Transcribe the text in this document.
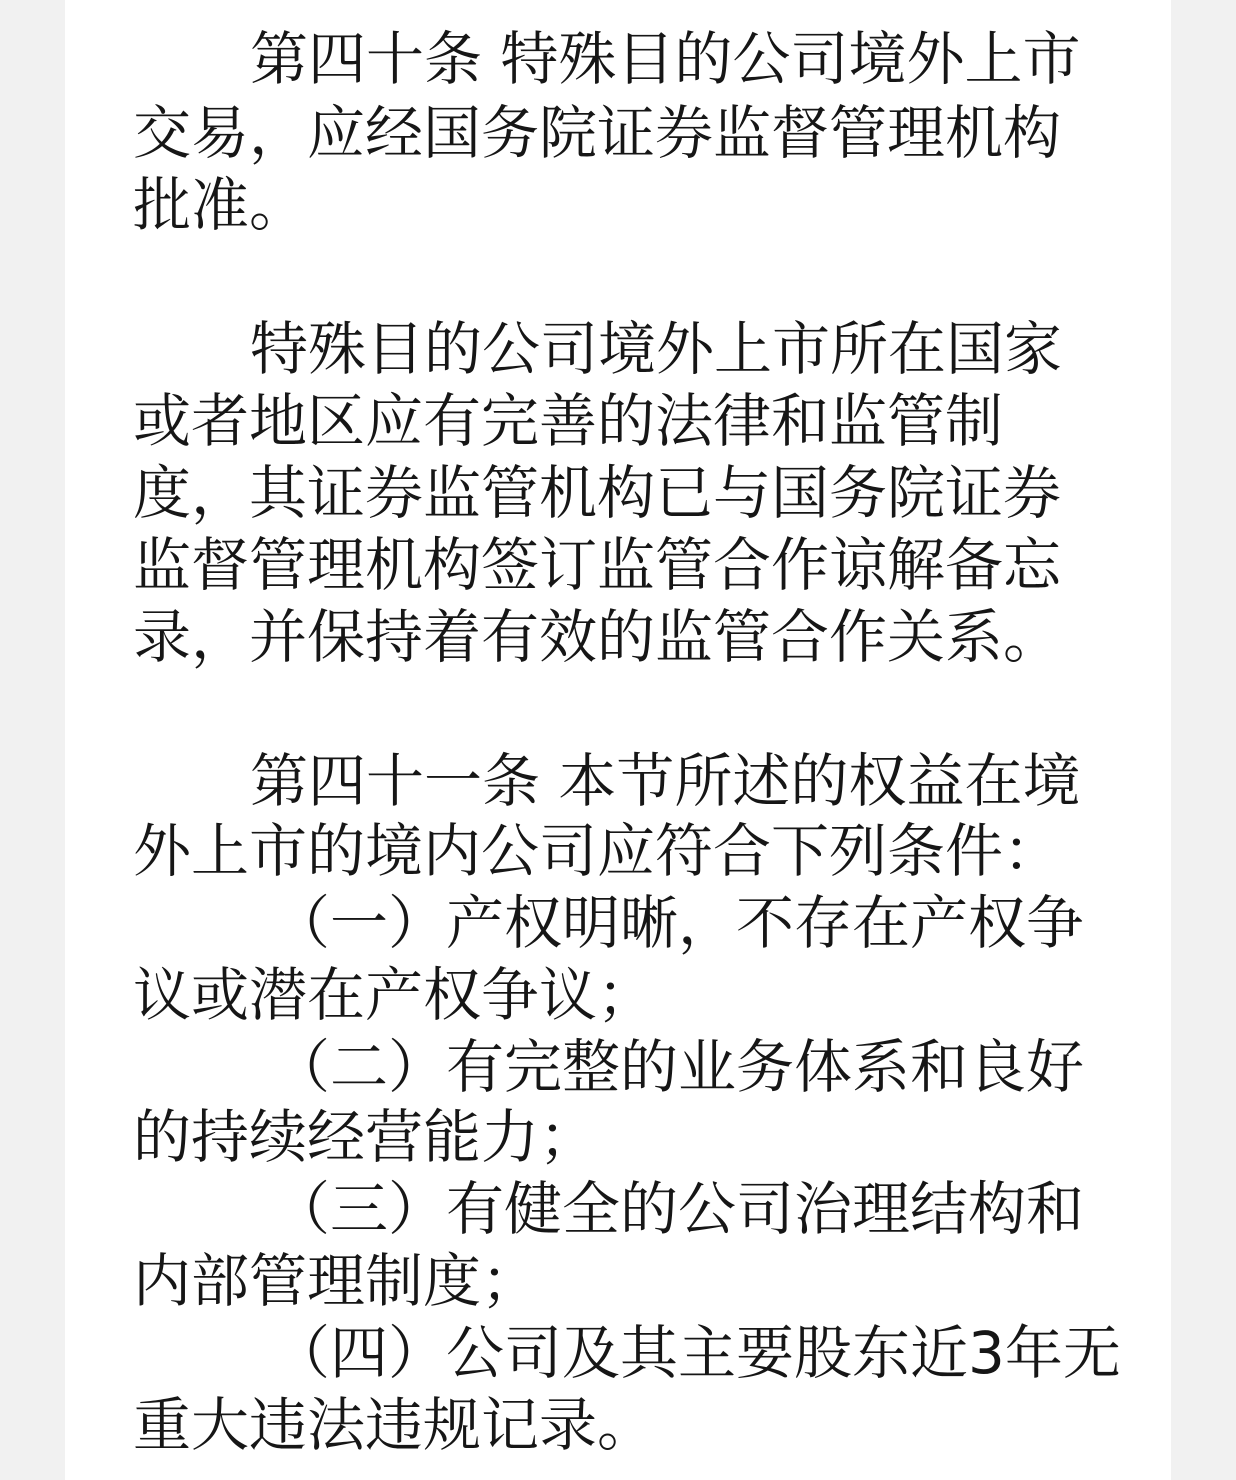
第四十条 特殊目的公司境外上市

交易，应经国务院证券监督管理机构

批准。

特殊目的公司境外上市所在国家

或者地区应有完善的法律和监管制

度，其证券监管机构已与国务院证券

监督管理机构签订监管合作谅解备忘

录，并保持着有效的监管合作关系。

第四十一条 本节所述的权益在境

外上市的境内公司应符合下列条件：

（一）产权明晰，不存在产权争

议或潜在产权争议；

（二）有完整的业务体系和良好

的持续经营能力；

（三）有健全的公司治理结构和

内部管理制度；

（四）公司及其主要股东近3年无

重大违法违规记录。
